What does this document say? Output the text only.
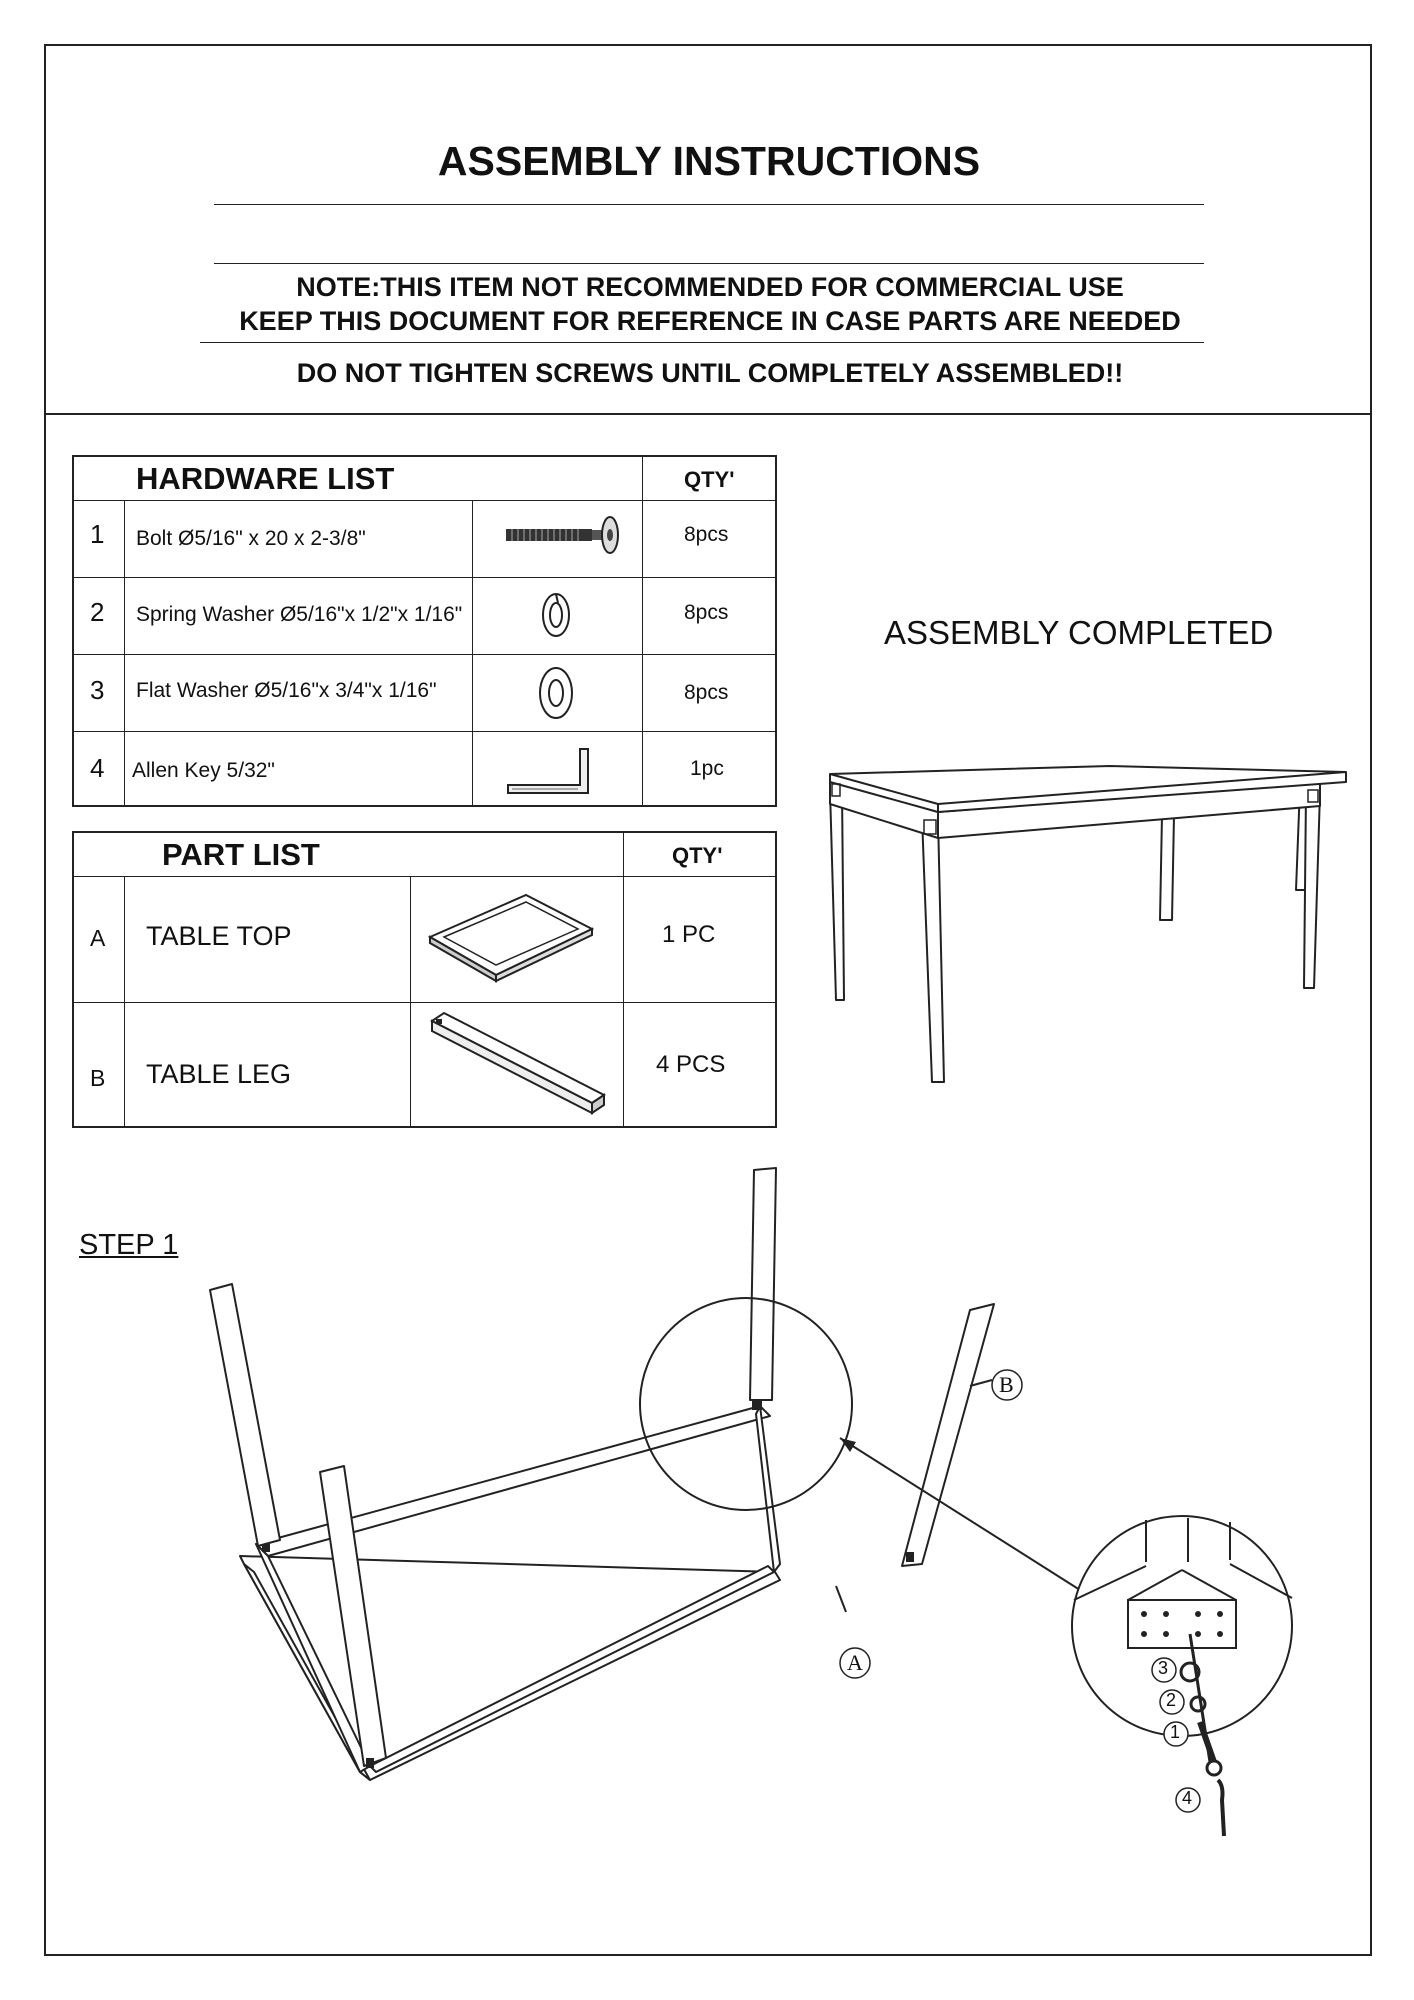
ASSEMBLY INSTRUCTIONS
NOTE:THIS ITEM NOT RECOMMENDED FOR COMMERCIAL USE
KEEP THIS DOCUMENT FOR REFERENCE IN CASE PARTS ARE NEEDED
DO NOT TIGHTEN SCREWS UNTIL COMPLETELY ASSEMBLED!!
HARDWARE LIST	QTY'
1 Bolt Ø5/16" x 20 x 2-3/8"	8pcs
2 Spring Washer Ø5/16"x 1/2"x 1/16"	8pcs
3 Flat Washer Ø5/16"x 3/4"x 1/16"	8pcs
4 Allen Key 5/32"	1pc
PART LIST	QTY'
A TABLE TOP	1 PC
B TABLE LEG	4 PCS
ASSEMBLY COMPLETED
STEP 1
A
B
3
2
1
4
